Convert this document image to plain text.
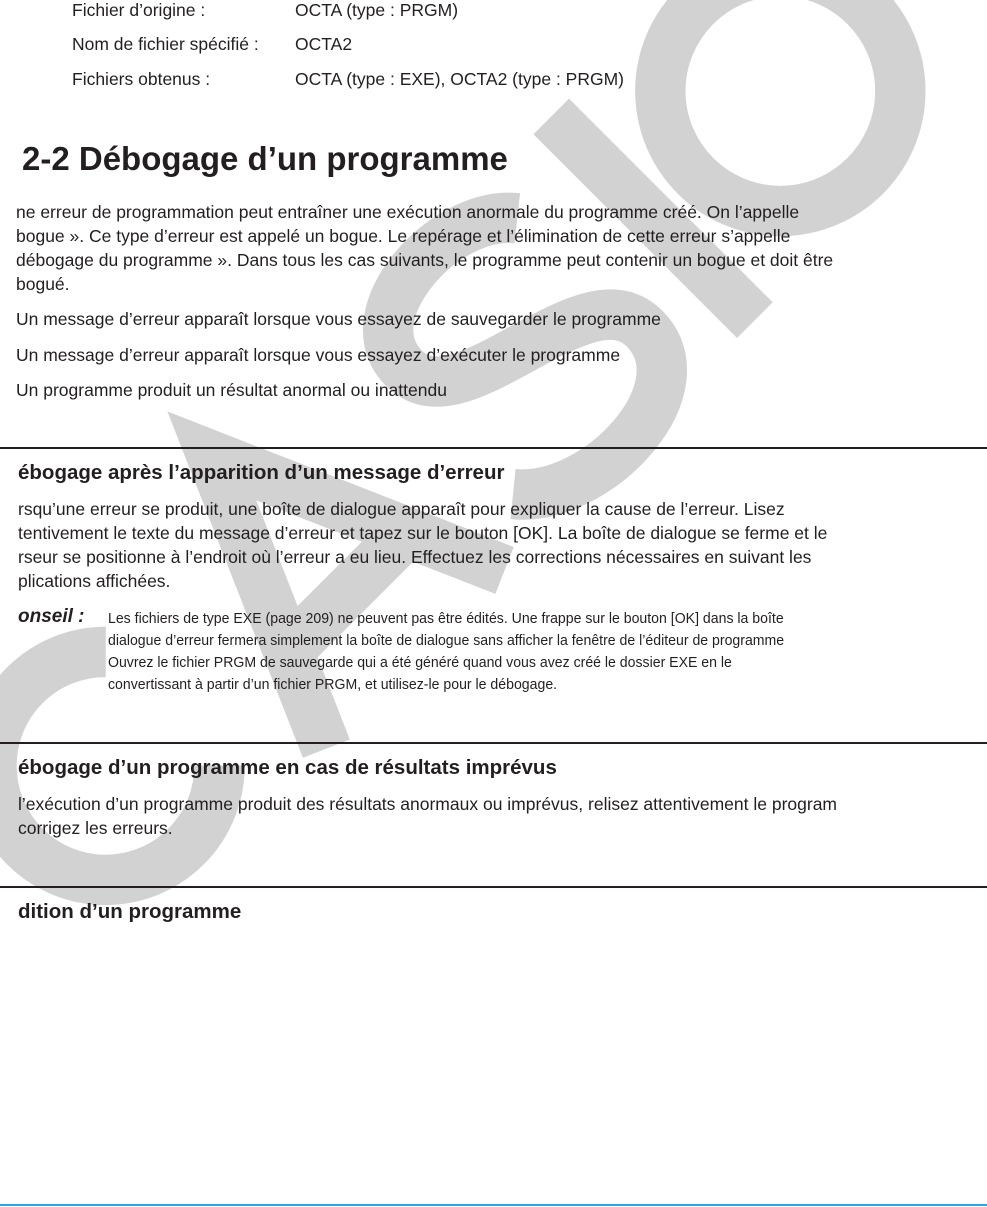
Fichier d’origine :	OCTA (type : PRGM)
Nom de fichier spécifié : OCTA2
Fichiers obtenus :	OCTA (type : EXE), OCTA2 (type : PRGM)
2-2 Débogage d’un programme
ne erreur de programmation peut entraîner une exécution anormale du programme créé. On l’appelle
bogue ». Ce type d’erreur est appelé un bogue. Le repérage et l’élimination de cette erreur s’appelle
débogage du programme ». Dans tous les cas suivants, le programme peut contenir un bogue et doit être
bogué.
Un message d’erreur apparaît lorsque vous essayez de sauvegarder le programme
Un message d’erreur apparaît lorsque vous essayez d’exécuter le programme
Un programme produit un résultat anormal ou inattendu
ébogage après l’apparition d’un message d’erreur
rsqu’une erreur se produit, une boîte de dialogue apparaît pour expliquer la cause de l’erreur. Lisez
tentivement le texte du message d’erreur et tapez sur le bouton [OK]. La boîte de dialogue se ferme et le
rseur se positionne à l’endroit où l’erreur a eu lieu. Effectuez les corrections nécessaires en suivant les
plications affichées.
onseil : Les fichiers de type EXE (page 209) ne peuvent pas être édités. Une frappe sur le bouton [OK] dans la boîte
dialogue d’erreur fermera simplement la boîte de dialogue sans afficher la fenêtre de l’éditeur de programme
Ouvrez le fichier PRGM de sauvegarde qui a été généré quand vous avez créé le dossier EXE en le
convertissant à partir d’un fichier PRGM, et utilisez-le pour le débogage.
ébogage d’un programme en cas de résultats imprévus
l’exécution d’un programme produit des résultats anormaux ou imprévus, relisez attentivement le program
corrigez les erreurs.
dition d’un programme
